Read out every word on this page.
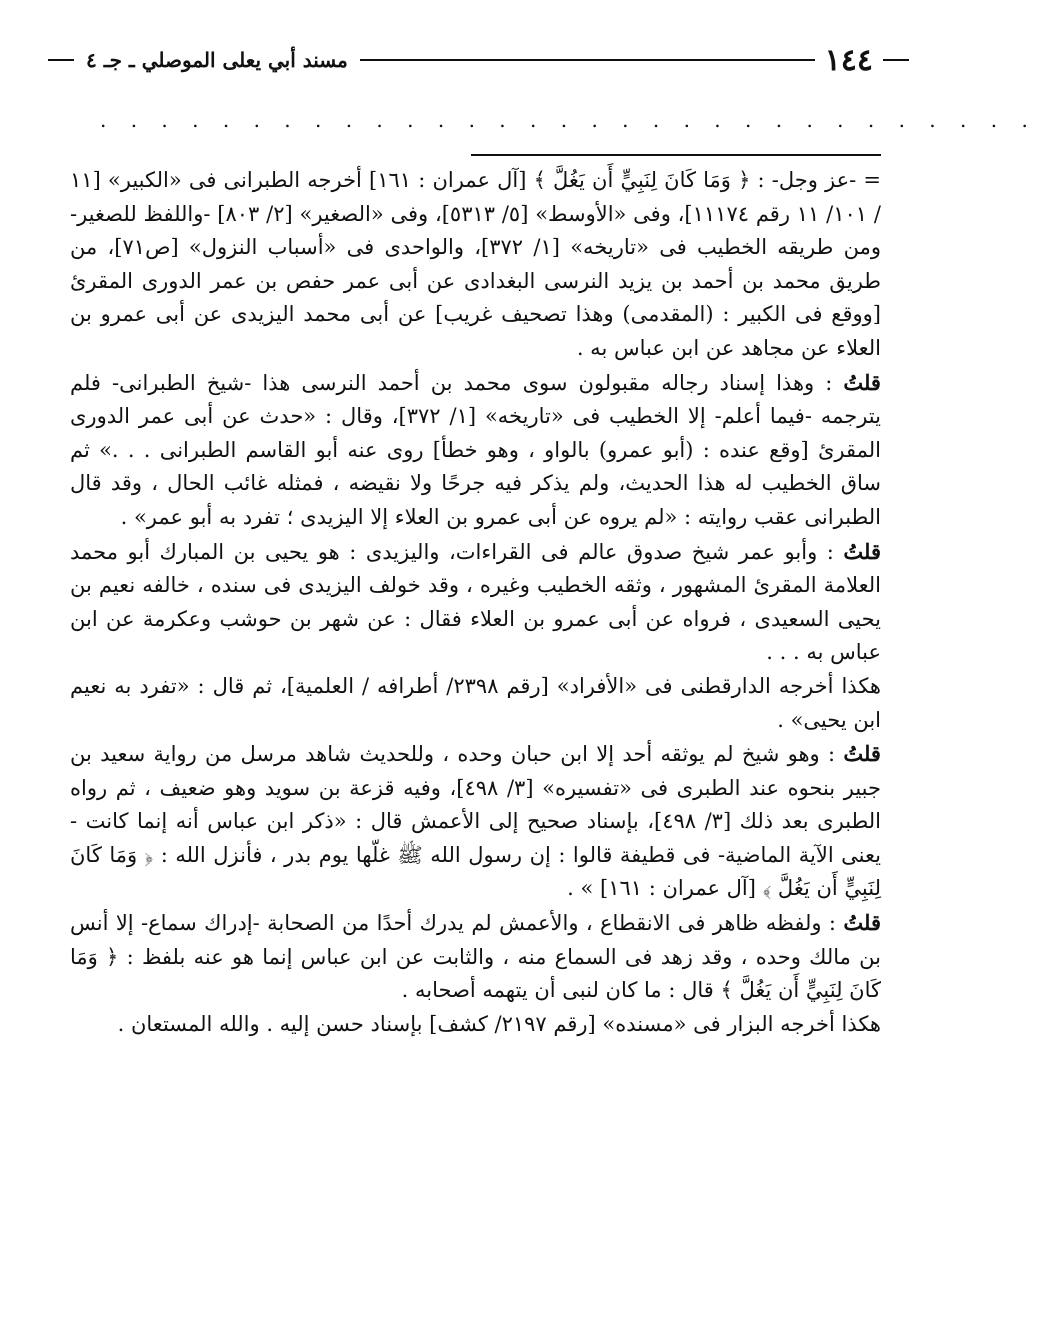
١٤٤
مسند أبي يعلى الموصلي ـ جـ ٤
. . . . . . . . . . . . . . . . . . . . . . . . . . . . . . .

= -عز وجل- : ﴿ وَمَا كَانَ لِنَبِيٍّ أَن يَغُلَّ ﴾ [آل عمران : ١٦١] أخرجه الطبرانى فى «الكبير» [١١ / ١٠١/ ١١ رقم ١١١٧٤]، وفى «الأوسط» [٥/ ٥٣١٣]، وفى «الصغير» [٢/ ٨٠٣] -واللفظ للصغير- ومن طريقه الخطيب فى «تاريخه» [١/ ٣٧٢]، والواحدى فى «أسباب النزول» [ص٧١]، من طريق محمد بن أحمد بن يزيد النرسى البغدادى عن أبى عمر حفص بن عمر الدورى المقرئ [ووقع فى الكبير : (المقدمى) وهذا تصحيف غريب] عن أبى محمد اليزيدى عن أبى عمرو بن العلاء عن مجاهد عن ابن عباس به .

قلتُ : وهذا إسناد رجاله مقبولون سوى محمد بن أحمد النرسى هذا -شيخ الطبرانى- فلم يترجمه -فيما أعلم- إلا الخطيب فى «تاريخه» [١/ ٣٧٢]، وقال : «حدث عن أبى عمر الدورى المقرئ [وقع عنده : (أبو عمرو) بالواو ، وهو خطأ] روى عنه أبو القاسم الطبرانى . . .» ثم ساق الخطيب له هذا الحديث، ولم يذكر فيه جرحًا ولا نقيضه ، فمثله غائب الحال ، وقد قال الطبرانى عقب روايته : «لم يروه عن أبى عمرو بن العلاء إلا اليزيدى ؛ تفرد به أبو عمر» .

قلتُ : وأبو عمر شيخ صدوق عالم فى القراءات، واليزيدى : هو يحيى بن المبارك أبو محمد العلامة المقرئ المشهور ، وثقه الخطيب وغيره ، وقد خولف اليزيدى فى سنده ، خالفه نعيم بن يحيى السعيدى ، فرواه عن أبى عمرو بن العلاء فقال : عن شهر بن حوشب وعكرمة عن ابن عباس به . . .

هكذا أخرجه الدارقطنى فى «الأفراد» [رقم ٢٣٩٨/ أطرافه / العلمية]، ثم قال : «تفرد به نعيم ابن يحيى» .

قلتُ : وهو شيخ لم يوثقه أحد إلا ابن حبان وحده ، وللحديث شاهد مرسل من رواية سعيد بن جبير بنحوه عند الطبرى فى «تفسيره» [٣/ ٤٩٨]، وفيه قزعة بن سويد وهو ضعيف ، ثم رواه الطبرى بعد ذلك [٣/ ٤٩٨]، بإسناد صحيح إلى الأعمش قال : «ذكر ابن عباس أنه إنما كانت - يعنى الآية الماضية- فى قطيفة قالوا : إن رسول الله ﷺ غلّها يوم بدر ، فأنزل الله : ﴿ وَمَا كَانَ لِنَبِيٍّ أَن يَغُلَّ ﴾ [آل عمران : ١٦١] » .

قلتُ : ولفظه ظاهر فى الانقطاع ، والأعمش لم يدرك أحدًا من الصحابة -إدراك سماع- إلا أنس بن مالك وحده ، وقد زهد فى السماع منه ، والثابت عن ابن عباس إنما هو عنه بلفظ : ﴿ وَمَا كَانَ لِنَبِيٍّ أَن يَغُلَّ ﴾ قال : ما كان لنبى أن يتهمه أصحابه .

هكذا أخرجه البزار فى «مسنده» [رقم ٢١٩٧/ كشف] بإسناد حسن إليه . والله المستعان .
